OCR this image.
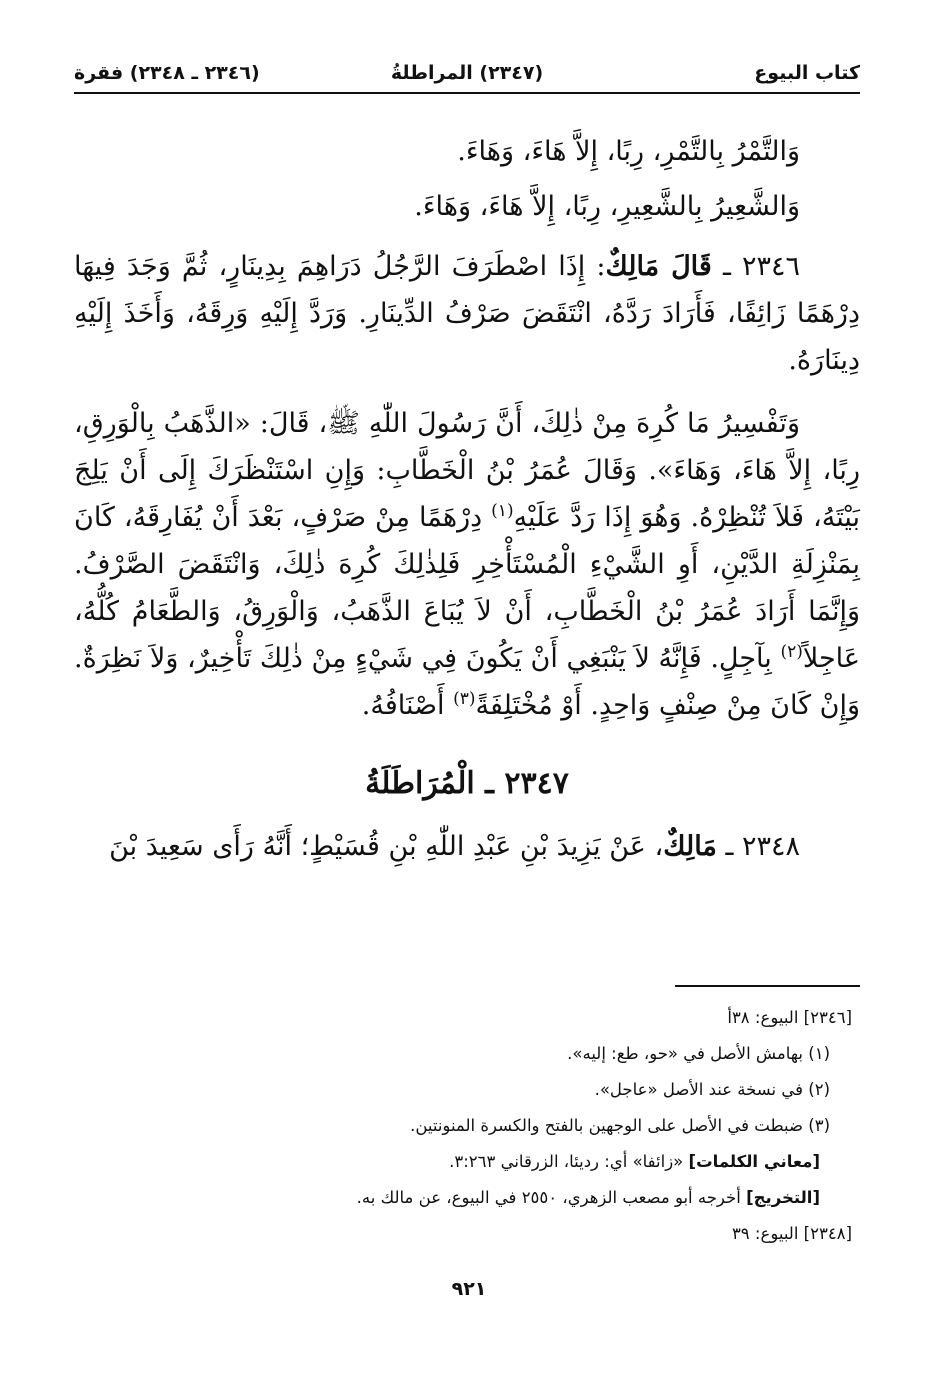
كتاب البيوع
(٢٣٤٧) المراطلةُ
(٢٣٤٦ ـ ٢٣٤٨) فقرة

وَالتَّمْرُ بِالتَّمْرِ، رِبًا، إِلاَّ هَاءَ، وَهَاءَ.

وَالشَّعِيرُ بِالشَّعِيرِ، رِبًا، إِلاَّ هَاءَ، وَهَاءَ.

٢٣٤٦ ـ قَالَ مَالِكٌ: إِذَا اصْطَرَفَ الرَّجُلُ دَرَاهِمَ بِدِينَارٍ، ثُمَّ وَجَدَ فِيهَا دِرْهَمًا زَائِفًا، فَأَرَادَ رَدَّهُ، انْتَقَضَ صَرْفُ الدِّينَارِ. وَرَدَّ إِلَيْهِ وَرِقَهُ، وَأَخَذَ إِلَيْهِ دِينَارَهُ.

وَتَفْسِيرُ مَا كُرِهَ مِنْ ذٰلِكَ، أَنَّ رَسُولَ اللّٰهِ ﷺ، قَالَ: «الذَّهَبُ بِالْوَرِقِ، رِبًا، إِلاَّ هَاءَ، وَهَاءَ». وَقَالَ عُمَرُ بْنُ الْخَطَّابِ: وَإِنِ اسْتَنْظَرَكَ إِلَى أَنْ يَلِجَ بَيْتَهُ، فَلاَ تُنْظِرْهُ. وَهُوَ إِذَا رَدَّ عَلَيْهِ$^{(١)}$ دِرْهَمًا مِنْ صَرْفٍ، بَعْدَ أَنْ يُفَارِقَهُ، كَانَ بِمَنْزِلَةِ الدَّيْنِ، أَوِ الشَّيْءِ الْمُسْتَأْخِرِ فَلِذٰلِكَ كُرِهَ ذٰلِكَ، وَانْتَقَضَ الصَّرْفُ. وَإِنَّمَا أَرَادَ عُمَرُ بْنُ الْخَطَّابِ، أَنْ لاَ يُبَاعَ الذَّهَبُ، وَالْوَرِقُ، وَالطَّعَامُ كُلُّهُ، عَاجِلاً$^{(٢)}$ بِآجِلٍ. فَإِنَّهُ لاَ يَنْبَغِي أَنْ يَكُونَ فِي شَيْءٍ مِنْ ذٰلِكَ تَأْخِيرٌ، وَلاَ نَظِرَةٌ. وَإِنْ كَانَ مِنْ صِنْفٍ وَاحِدٍ. أَوْ مُخْتَلِفَةً$^{(٣)}$ أَصْنَافُهُ.

٢٣٤٧ ـ الْمُرَاطَلَةُ

٢٣٤٨ ـ مَالِكٌ، عَنْ يَزِيدَ بْنِ عَبْدِ اللّٰهِ بْنِ قُسَيْطٍ؛ أَنَّهُ رَأَى سَعِيدَ بْنَ

[٢٣٤٦] البيوع: ٣٨أ
(١) بهامش الأصل في «حو، طع: إليه».
(٢) في نسخة عند الأصل «عاجل».
(٣) ضبطت في الأصل على الوجهين بالفتح والكسرة المنونتين.
[معاني الكلمات] «زائفا» أي: رديئا، الزرقاني ٣:٢٦٣.
[التخريج] أخرجه أبو مصعب الزهري، ٢٥٥٠ في البيوع، عن مالك به.
[٢٣٤٨] البيوع: ٣٩
٩٢١
